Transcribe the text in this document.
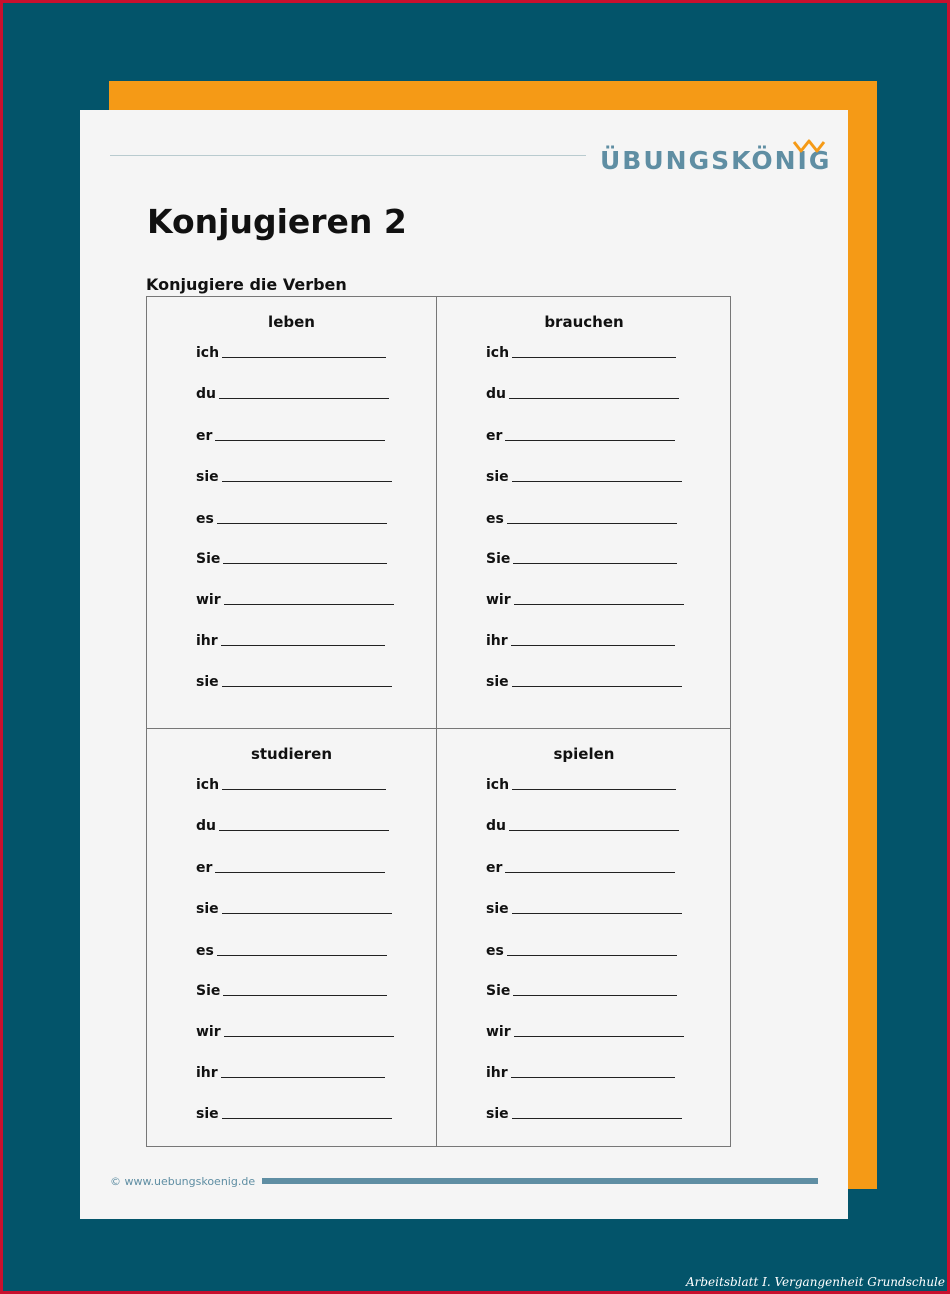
ÜBUNGSKÖNIG
Konjugieren 2
Konjugiere die Verben
leben
ich
du
er
sie
es
Sie
wir
ihr
sie
brauchen
ich
du
er
sie
es
Sie
wir
ihr
sie
studieren
ich
du
er
sie
es
Sie
wir
ihr
sie
spielen
ich
du
er
sie
es
Sie
wir
ihr
sie
© www.uebungskoenig.de
Arbeitsblatt I. Vergangenheit Grundschule
